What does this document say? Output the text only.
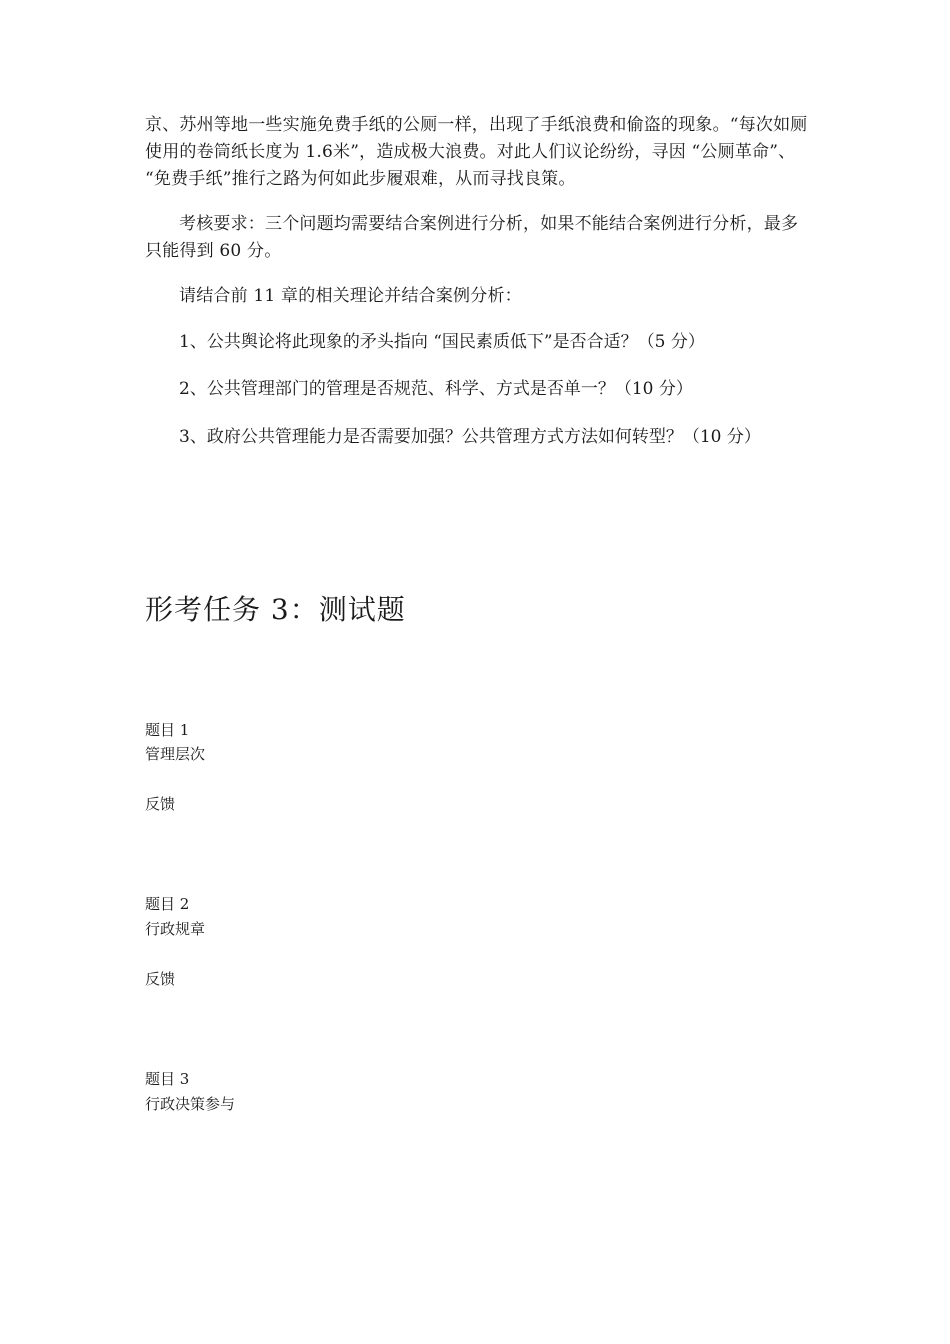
京、苏州等地一些实施免费手纸的公厕一样，出现了手纸浪费和偷盗的现象。“每次如厕使用的卷筒纸长度为 1.6米”，造成极大浪费。对此人们议论纷纷，寻因 “公厕革命”、 “免费手纸”推行之路为何如此步履艰难，从而寻找良策。

考核要求：三个问题均需要结合案例进行分析，如果不能结合案例进行分析，最多只能得到 60 分。

请结合前 11 章的相关理论并结合案例分析：

1、公共舆论将此现象的矛头指向 “国民素质低下”是否合适？（5 分）

2、公共管理部门的管理是否规范、科学、方式是否单一？（10 分）

3、政府公共管理能力是否需要加强？公共管理方式方法如何转型？（10 分）

形考任务 3：测试题

题目 1

管理层次

反馈

题目 2

行政规章

反馈

题目 3

行政决策参与
